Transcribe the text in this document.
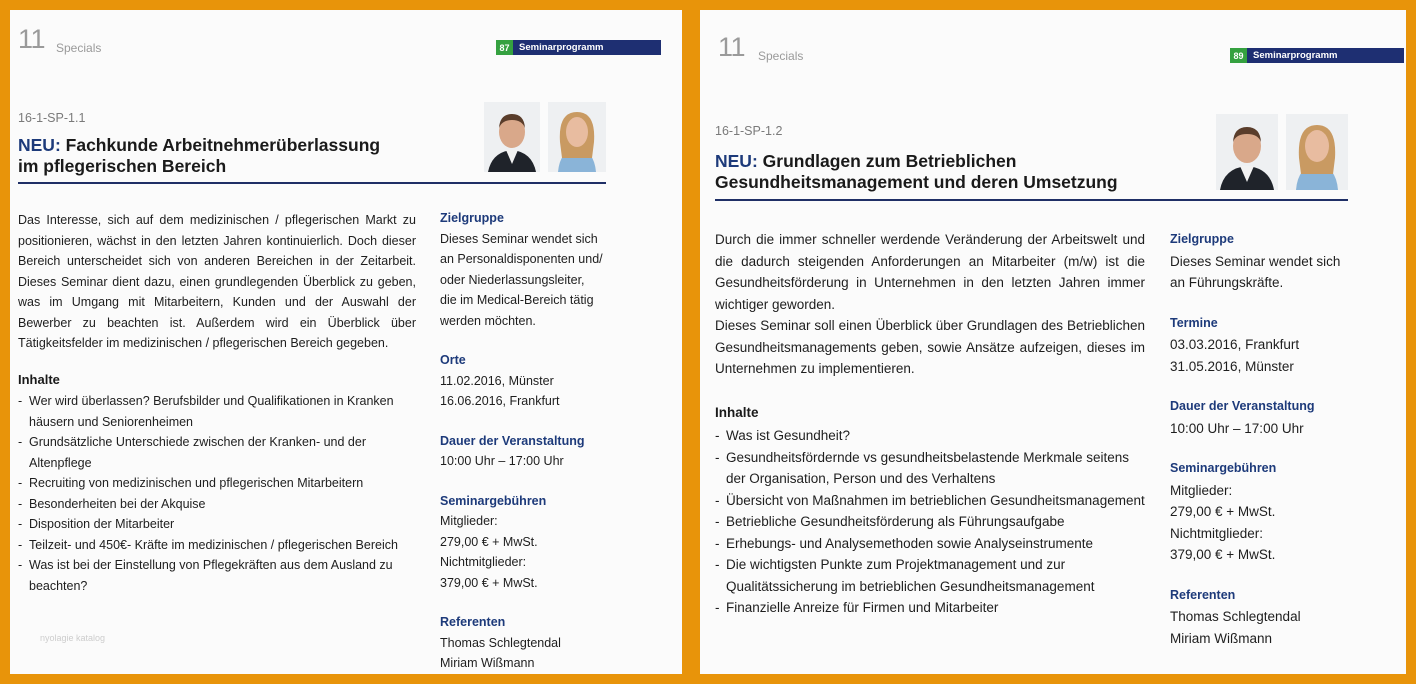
11 Specials	87	Seminarprogramm
16-1-SP-1.1
NEU: Fachkunde Arbeitnehmerüberlassung
im pflegerischen Bereich

Das Interesse, sich auf dem medizinischen / pflegerischen Markt zu positionieren, wächst in den letzten Jahren kontinuierlich. Doch dieser Bereich unterscheidet sich von anderen Bereichen in der Zeitarbeit. Dieses Seminar dient dazu, einen grundlegenden Überblick zu geben, was im Umgang mit Mitarbeitern, Kunden und der Auswahl der Bewerber zu beachten ist. Außerdem wird ein Überblick über Tätigkeitsfelder im medizinischen / pflegerischen Bereich gegeben.

Inhalte
- Wer wird überlassen? Berufsbilder und Qualifikationen in Kranken häusern und Seniorenheimen
- Grundsätzliche Unterschiede zwischen der Kranken- und der Altenpflege
- Recruiting von medizinischen und pflegerischen Mitarbeitern
- Besonderheiten bei der Akquise
- Disposition der Mitarbeiter
- Teilzeit- und 450€- Kräfte im medizinischen / pflegerischen Bereich
- Was ist bei der Einstellung von Pflegekräften aus dem Ausland zu beachten?
Zielgruppe

Dieses Seminar wendet sich

an Personaldisponenten und/

oder Niederlassungsleiter,

die im Medical-Bereich tätig

werden möchten.

Orte

11.02.2016, Münster

16.06.2016, Frankfurt

Dauer der Veranstaltung

10:00 Uhr – 17:00 Uhr

Seminargebühren

Mitglieder:

279,00 € + MwSt.

Nichtmitglieder:

379,00 € + MwSt.

Referenten

Thomas Schlegtendal

Miriam Wißmann

nyolagie katalog
11 Specials	89	Seminarprogramm
16-1-SP-1.2
NEU: Grundlagen zum Betrieblichen
Gesundheitsmanagement und deren Umsetzung

Durch die immer schneller werdende Veränderung der Arbeitswelt und die dadurch steigenden Anforderungen an Mitarbeiter (m/w) ist die Gesundheitsförderung in Unternehmen in den letzten Jahren immer wichtiger geworden.

Dieses Seminar soll einen Überblick über Grundlagen des Betrieblichen Gesundheitsmanagements geben, sowie Ansätze aufzeigen, dieses im Unternehmen zu implementieren.

Inhalte
- Was ist Gesundheit?
- Gesundheitsfördernde vs gesundheitsbelastende Merkmale seitens der Organisation, Person und des Verhaltens
- Übersicht von Maßnahmen im betrieblichen Gesundheitsmanagement
- Betriebliche Gesundheitsförderung als Führungsaufgabe
- Erhebungs- und Analysemethoden sowie Analyseinstrumente
- Die wichtigsten Punkte zum Projektmanagement und zur Qualitätssicherung im betrieblichen Gesundheitsmanagement
- Finanzielle Anreize für Firmen und Mitarbeiter
Zielgruppe

Dieses Seminar wendet sich

an Führungskräfte.

Termine

03.03.2016, Frankfurt

31.05.2016, Münster

Dauer der Veranstaltung

10:00 Uhr – 17:00 Uhr

Seminargebühren

Mitglieder:

279,00 € + MwSt.

Nichtmitglieder:

379,00 € + MwSt.

Referenten

Thomas Schlegtendal

Miriam Wißmann
